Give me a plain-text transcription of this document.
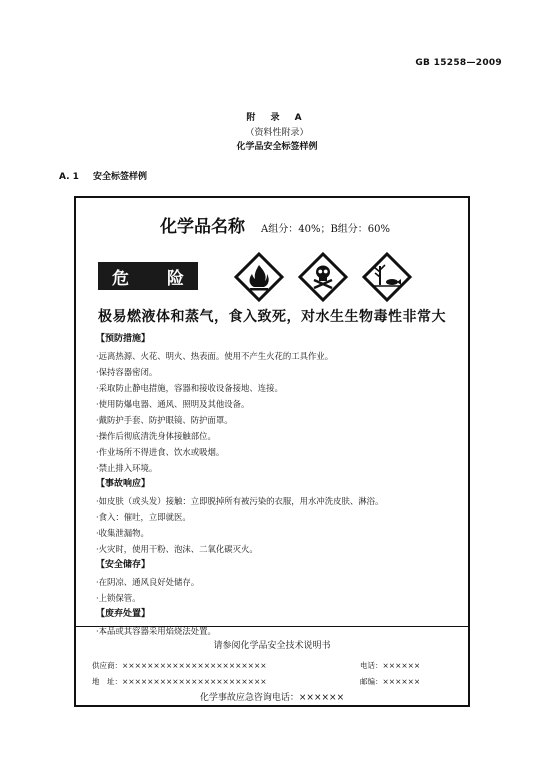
GB 15258—2009
附 录 A
（资料性附录）
化学品安全标签样例
A. 1 安全标签样例
化学品名称 A组分：40%；B组分：60%
危 险
极易燃液体和蒸气，食入致死，对水生生物毒性非常大
【预防措施】
·远离热源、火花、明火、热表面。使用不产生火花的工具作业。
·保持容器密闭。
·采取防止静电措施，容器和接收设备接地、连接。
·使用防爆电器、通风、照明及其他设备。
·戴防护手套、防护眼镜、防护面罩。
·操作后彻底清洗身体接触部位。
·作业场所不得进食、饮水或吸烟。
·禁止排入环境。
【事故响应】
·如皮肤（或头发）接触：立即脱掉所有被污染的衣服，用水冲洗皮肤、淋浴。
·食入：催吐，立即就医。
·收集泄漏物。
·火灾时，使用干粉、泡沫、二氧化碳灭火。
【安全储存】
·在阴凉、通风良好处储存。
·上锁保管。
【废弃处置】
·本品或其容器采用焰烧法处置。
请参阅化学品安全技术说明书
供应商：×××××××××××××××××××××××	电话：××××××
地　址：×××××××××××××××××××××××	邮编：××××××
化学事故应急咨询电话：××××××
